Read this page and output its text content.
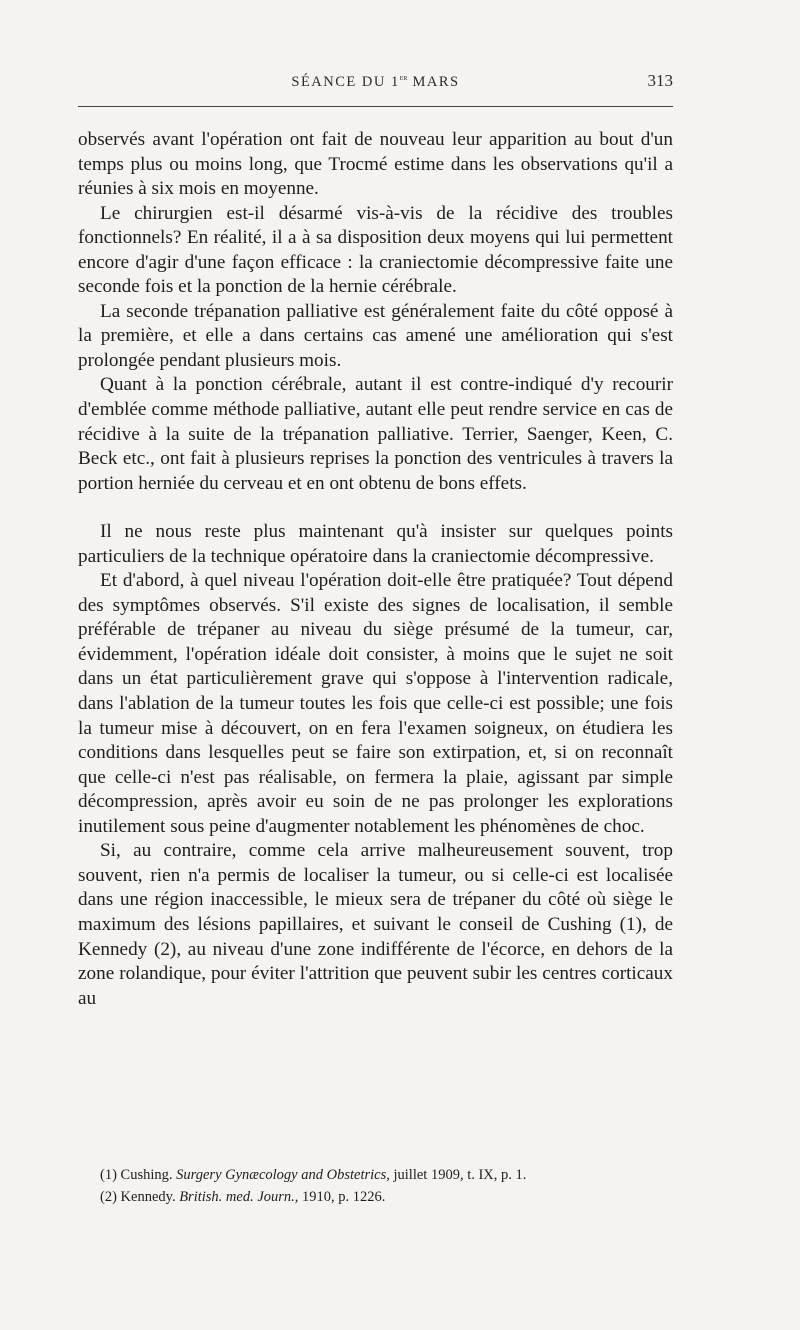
SÉANCE DU 1er MARS	313

observés avant l'opération ont fait de nouveau leur apparition au bout d'un temps plus ou moins long, que Trocmé estime dans les observations qu'il a réunies à six mois en moyenne.

Le chirurgien est-il désarmé vis-à-vis de la récidive des troubles fonctionnels? En réalité, il a à sa disposition deux moyens qui lui permettent encore d'agir d'une façon efficace : la craniectomie décompressive faite une seconde fois et la ponction de la hernie cérébrale.

La seconde trépanation palliative est généralement faite du côté opposé à la première, et elle a dans certains cas amené une amélioration qui s'est prolongée pendant plusieurs mois.

Quant à la ponction cérébrale, autant il est contre-indiqué d'y recourir d'emblée comme méthode palliative, autant elle peut rendre service en cas de récidive à la suite de la trépanation palliative. Terrier, Saenger, Keen, C. Beck etc., ont fait à plusieurs reprises la ponction des ventricules à travers la portion herniée du cerveau et en ont obtenu de bons effets.

Il ne nous reste plus maintenant qu'à insister sur quelques points particuliers de la technique opératoire dans la craniectomie décompressive.

Et d'abord, à quel niveau l'opération doit-elle être pratiquée? Tout dépend des symptômes observés. S'il existe des signes de localisation, il semble préférable de trépaner au niveau du siège présumé de la tumeur, car, évidemment, l'opération idéale doit consister, à moins que le sujet ne soit dans un état particulièrement grave qui s'oppose à l'intervention radicale, dans l'ablation de la tumeur toutes les fois que celle-ci est possible; une fois la tumeur mise à découvert, on en fera l'examen soigneux, on étudiera les conditions dans lesquelles peut se faire son extirpation, et, si on reconnaît que celle-ci n'est pas réalisable, on fermera la plaie, agissant par simple décompression, après avoir eu soin de ne pas prolonger les explorations inutilement sous peine d'augmenter notablement les phénomènes de choc.

Si, au contraire, comme cela arrive malheureusement souvent, trop souvent, rien n'a permis de localiser la tumeur, ou si celle-ci est localisée dans une région inaccessible, le mieux sera de trépaner du côté où siège le maximum des lésions papillaires, et suivant le conseil de Cushing (1), de Kennedy (2), au niveau d'une zone indifférente de l'écorce, en dehors de la zone rolandique, pour éviter l'attrition que peuvent subir les centres corticaux au

(1) Cushing. Surgery Gynæcology and Obstetrics, juillet 1909, t. IX, p. 1.

(2) Kennedy. British. med. Journ., 1910, p. 1226.
